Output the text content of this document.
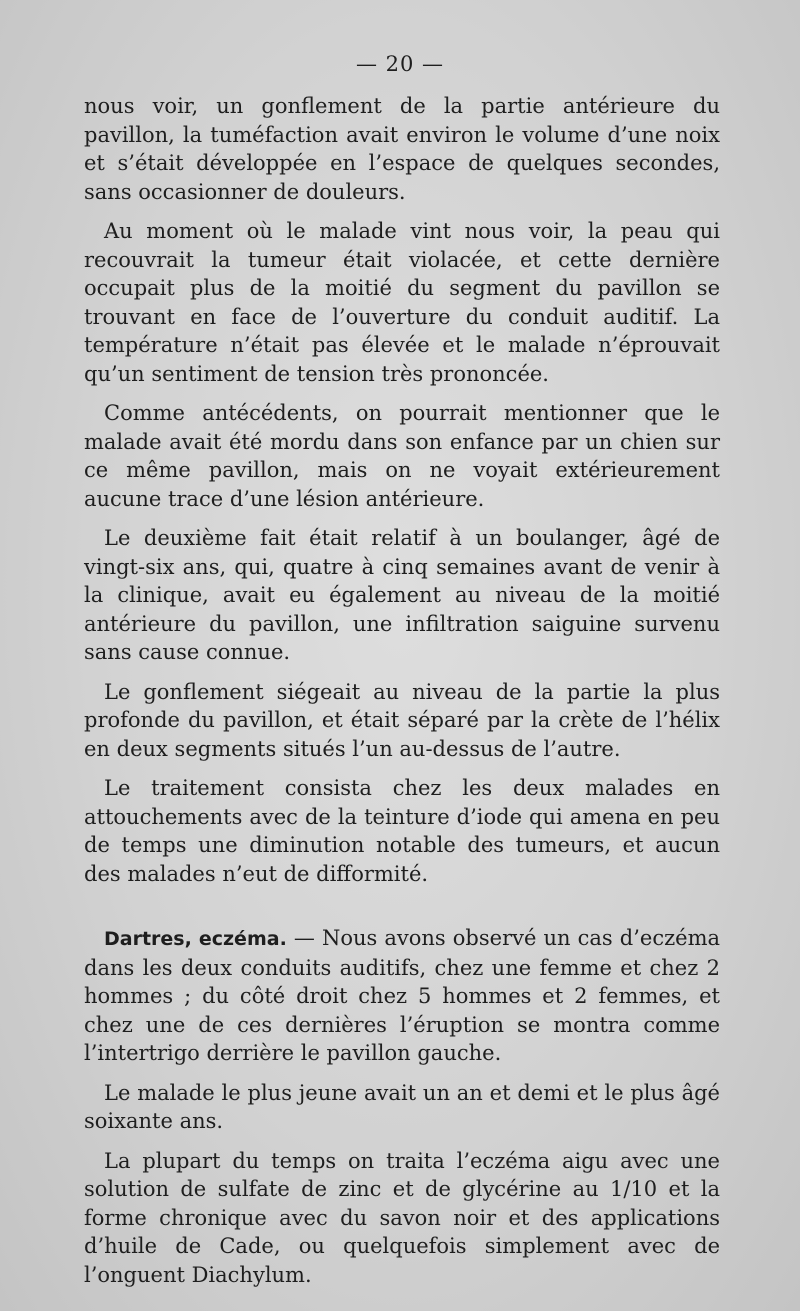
— 20 —

nous voir, un gonflement de la partie antérieure du pavillon, la tuméfaction avait environ le volume d’une noix et s’était développée en l’espace de quelques secondes, sans occasionner de douleurs.

Au moment où le malade vint nous voir, la peau qui recouvrait la tumeur était violacée, et cette dernière occupait plus de la moitié du segment du pavillon se trouvant en face de l’ouverture du conduit auditif. La température n’était pas élevée et le malade n’éprouvait qu’un sentiment de tension très prononcée.

Comme antécédents, on pourrait mentionner que le malade avait été mordu dans son enfance par un chien sur ce même pavillon, mais on ne voyait extérieurement aucune trace d’une lésion antérieure.

Le deuxième fait était relatif à un boulanger, âgé de vingt-six ans, qui, quatre à cinq semaines avant de venir à la clinique, avait eu également au niveau de la moitié antérieure du pavillon, une infiltration saiguine survenu sans cause connue.

Le gonflement siégeait au niveau de la partie la plus profonde du pavillon, et était séparé par la crète de l’hélix en deux segments situés l’un au-dessus de l’autre.

Le traitement consista chez les deux malades en attouchements avec de la teinture d’iode qui amena en peu de temps une diminution notable des tumeurs, et aucun des malades n’eut de difformité.

Dartres, eczéma. — Nous avons observé un cas d’eczéma dans les deux conduits auditifs, chez une femme et chez 2 hommes ; du côté droit chez 5 hommes et 2 femmes, et chez une de ces dernières l’éruption se montra comme l’intertrigo derrière le pavillon gauche.

Le malade le plus jeune avait un an et demi et le plus âgé soixante ans.

La plupart du temps on traita l’eczéma aigu avec une solution de sulfate de zinc et de glycérine au 1/10 et la forme chronique avec du savon noir et des applications d’huile de Cade, ou quelquefois simplement avec de l’onguent Diachylum.
